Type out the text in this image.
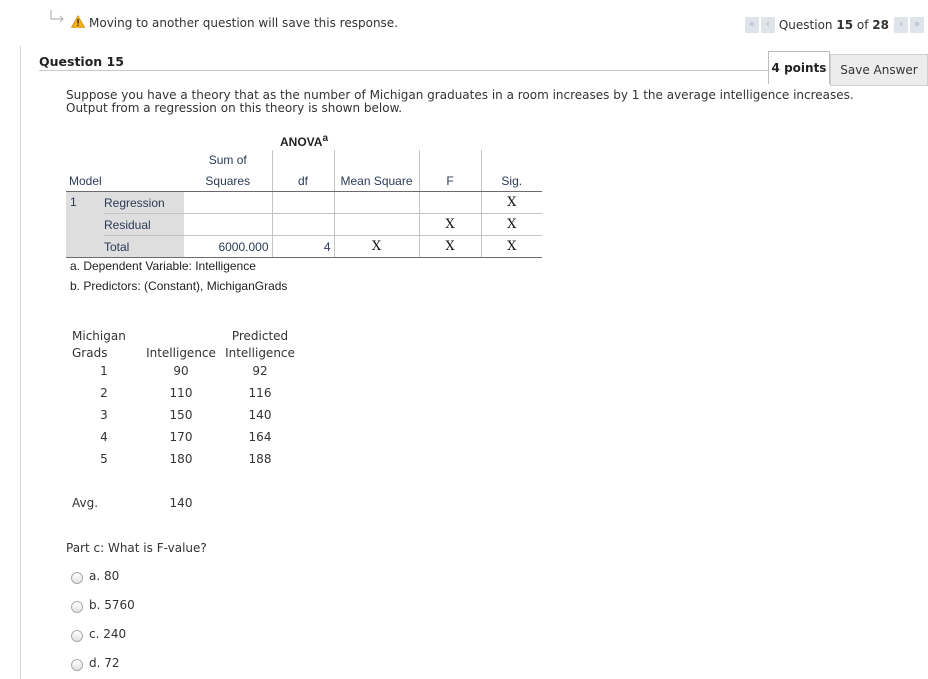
Moving to another question will save this response.	«	‹ Question 15 of 28	›	»
Question 15	4 points	Save Answer
Suppose you have a theory that as the number of Michigan graduates in a room increases by 1 the average intelligence increases. Output from a regression on this theory is shown below.
ANOVA$^a$
		Sum of				
Model		Squares	df	Mean Square	F	Sig.
1	Regression					X
	Residual				X	X
	Total	6000.000	4	X	X	X
a. Dependent Variable: Intelligence
b. Predictors: (Constant), MichiganGrads
Michigan		Predicted
Grads	Intelligence	Intelligence
1	90	92
2	110	116
3	150	140
4	170	164
5	180	188

Avg.	140	
Part c: What is F-value?
a. 80
b. 5760
c. 240
d. 72
